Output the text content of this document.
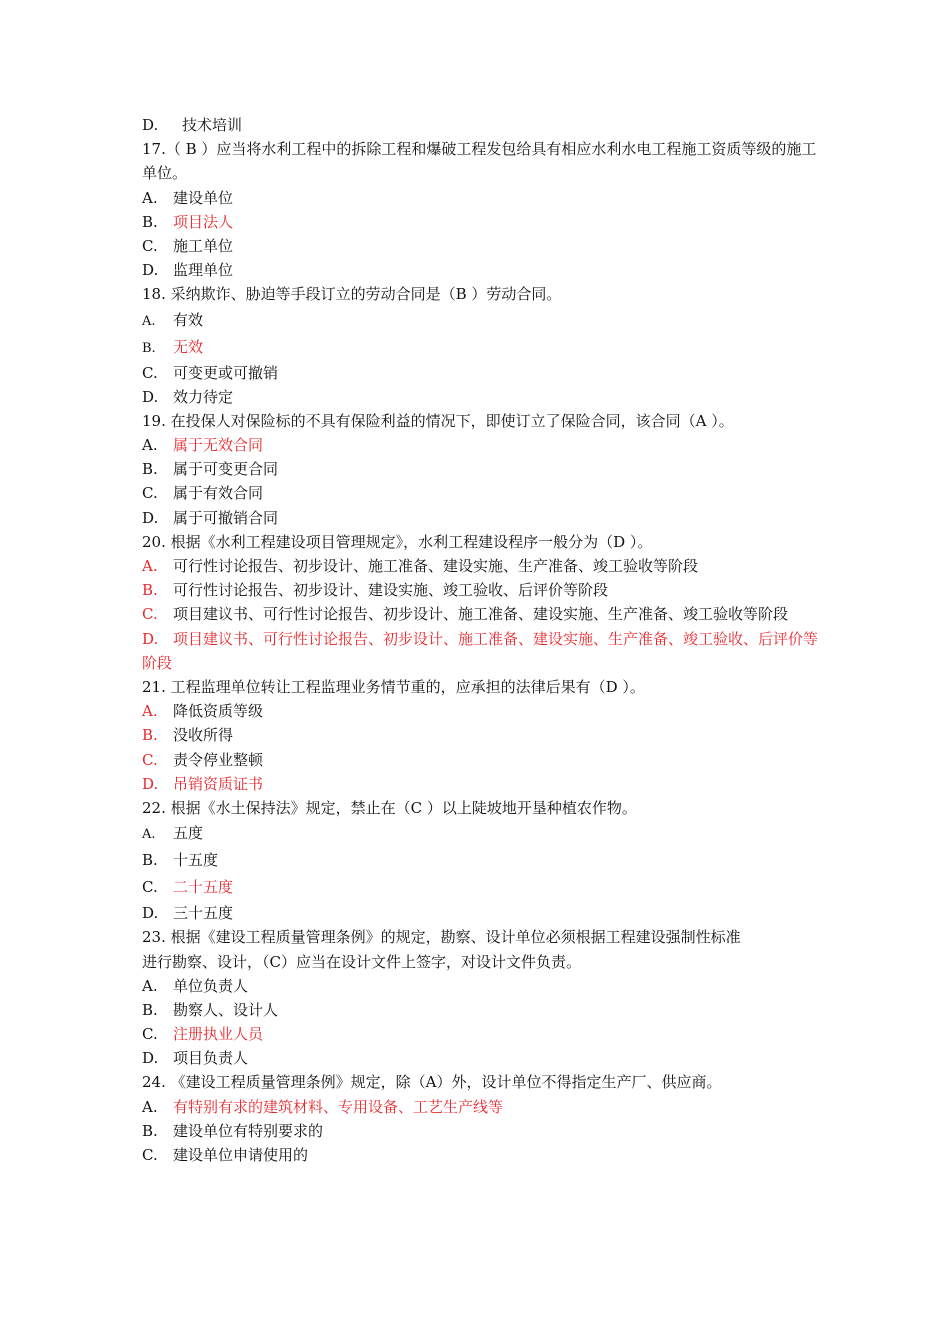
D. 技术培训
17.（ B ）应当将水利工程中的拆除工程和爆破工程发包给具有相应水利水电工程施工资质等级的施工单位。
A. 建设单位
B. 项目法人
C. 施工单位
D. 监理单位
18. 采纳欺诈、胁迫等手段订立的劳动合同是（B ）劳动合同。
A. 有效
B. 无效
C. 可变更或可撤销
D. 效力待定
19. 在投保人对保险标的不具有保险利益的情况下，即使订立了保险合同，该合同（A ）。
A. 属于无效合同
B. 属于可变更合同
C. 属于有效合同
D. 属于可撤销合同
20. 根据《水利工程建设项目管理规定》，水利工程建设程序一般分为（D ）。
A. 可行性讨论报告、初步设计、施工准备、建设实施、生产准备、竣工验收等阶段
B. 可行性讨论报告、初步设计、建设实施、竣工验收、后评价等阶段
C. 项目建议书、可行性讨论报告、初步设计、施工准备、建设实施、生产准备、竣工验收等阶段
D. 项目建议书、可行性讨论报告、初步设计、施工准备、建设实施、生产准备、竣工验收、后评价等阶段
21. 工程监理单位转让工程监理业务情节重的，应承担的法律后果有（D ）。
A. 降低资质等级
B. 没收所得
C. 责令停业整顿
D. 吊销资质证书
22. 根据《水土保持法》规定，禁止在（C ）以上陡坡地开垦种植农作物。
A. 五度
B. 十五度
C. 二十五度
D. 三十五度
23. 根据《建设工程质量管理条例》的规定，勘察、设计单位必须根据工程建设强制性标准
进行勘察、设计，（C）应当在设计文件上签字，对设计文件负责。
A. 单位负责人
B. 勘察人、设计人
C. 注册执业人员
D. 项目负责人
24. 《建设工程质量管理条例》规定，除（A）外，设计单位不得指定生产厂、供应商。
A. 有特别有求的建筑材料、专用设备、工艺生产线等
B. 建设单位有特别要求的
C. 建设单位申请使用的
